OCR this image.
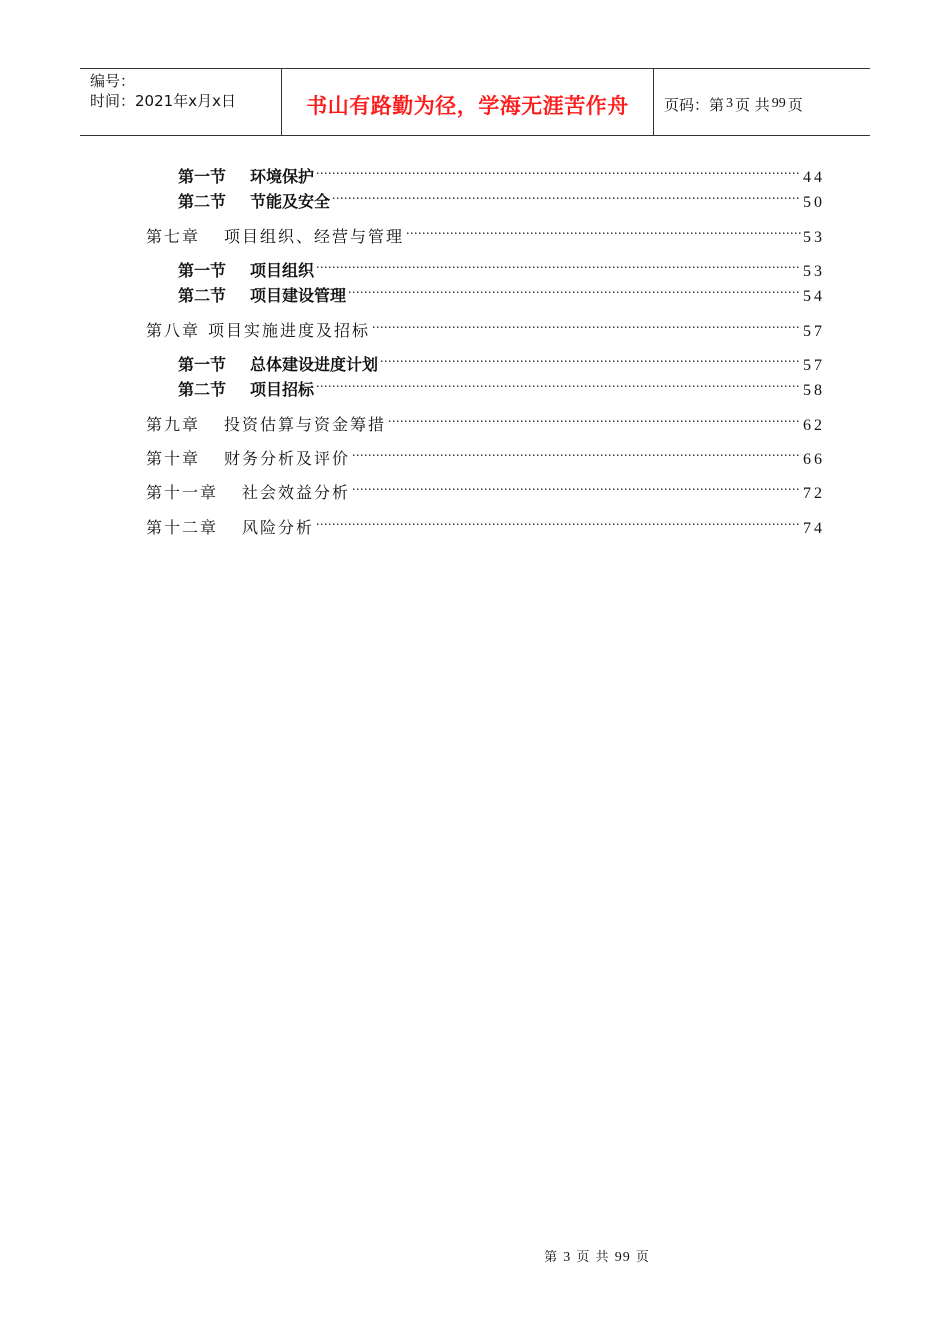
编号：
时间：2021年x月x日	书山有路勤为径，学海无涯苦作舟 页码：第 3 页 共 99 页
第一节 环境保护 . . .	44
第二节 节能及安全 . . .	50
第七章 项目组织、经营与管理 . . .	53
第一节 项目组织 . . .	53
第二节 项目建设管理 . . .	54
第八章 项目实施进度及招标 . . .	57
第一节 总体建设进度计划 . . .	57
第二节 项目招标 . . .	58
第九章 投资估算与资金筹措 . . .	62
第十章 财务分析及评价 . . .	66
第十一章 社会效益分析 . . .	72
第十二章 风险分析 . . .	74
第 3 页 共 99 页
